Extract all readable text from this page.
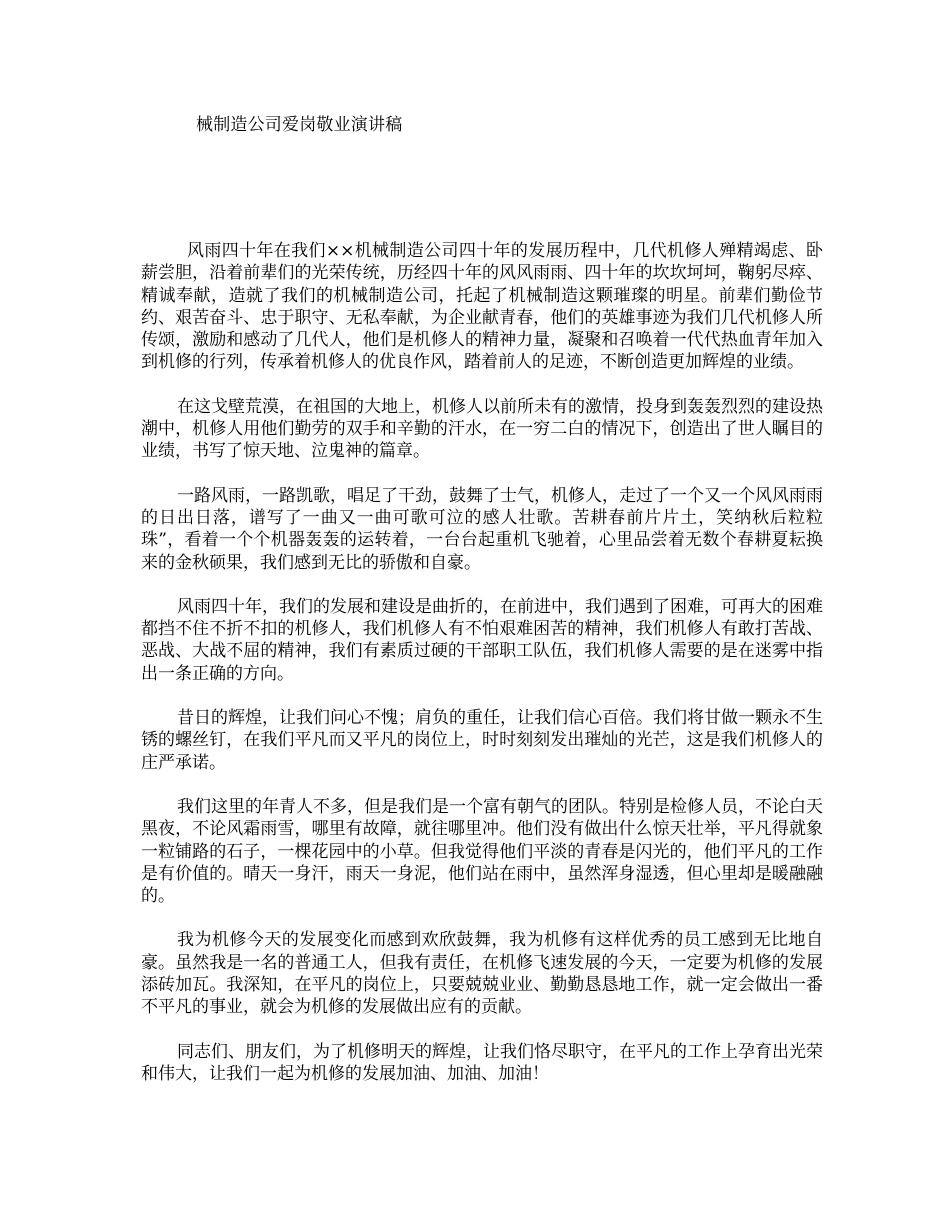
械制造公司爱岗敬业演讲稿

风雨四十年在我们××机械制造公司四十年的发展历程中，几代机修人殚精竭虑、卧薪尝胆，沿着前辈们的光荣传统，历经四十年的风风雨雨、四十年的坎坎坷坷，鞠躬尽瘁、精诚奉献，造就了我们的机械制造公司，托起了机械制造这颗璀璨的明星。前辈们勤俭节约、艰苦奋斗、忠于职守、无私奉献，为企业献青春，他们的英雄事迹为我们几代机修人所传颂，激励和感动了几代人，他们是机修人的精神力量，凝聚和召唤着一代代热血青年加入到机修的行列，传承着机修人的优良作风，踏着前人的足迹，不断创造更加辉煌的业绩。

在这戈壁荒漠，在祖国的大地上，机修人以前所未有的激情，投身到轰轰烈烈的建设热潮中，机修人用他们勤劳的双手和辛勤的汗水，在一穷二白的情况下，创造出了世人瞩目的业绩，书写了惊天地、泣鬼神的篇章。

一路风雨，一路凯歌，唱足了干劲，鼓舞了士气，机修人，走过了一个又一个风风雨雨的日出日落，谱写了一曲又一曲可歌可泣的感人壮歌。苦耕春前片片土，笑纳秋后粒粒珠”，看着一个个机器轰轰的运转着，一台台起重机飞驰着，心里品尝着无数个春耕夏耘换来的金秋硕果，我们感到无比的骄傲和自豪。

风雨四十年，我们的发展和建设是曲折的，在前进中，我们遇到了困难，可再大的困难都挡不住不折不扣的机修人，我们机修人有不怕艰难困苦的精神，我们机修人有敢打苦战、恶战、大战不屈的精神，我们有素质过硬的干部职工队伍，我们机修人需要的是在迷雾中指出一条正确的方向。

昔日的辉煌，让我们问心不愧；肩负的重任，让我们信心百倍。我们将甘做一颗永不生锈的螺丝钉，在我们平凡而又平凡的岗位上，时时刻刻发出璀灿的光芒，这是我们机修人的庄严承诺。

我们这里的年青人不多，但是我们是一个富有朝气的团队。特别是检修人员，不论白天黑夜，不论风霜雨雪，哪里有故障，就往哪里冲。他们没有做出什么惊天壮举，平凡得就象一粒铺路的石子，一棵花园中的小草。但我觉得他们平淡的青春是闪光的，他们平凡的工作是有价值的。晴天一身汗，雨天一身泥，他们站在雨中，虽然浑身湿透，但心里却是暖融融的。

我为机修今天的发展变化而感到欢欣鼓舞，我为机修有这样优秀的员工感到无比地自豪。虽然我是一名的普通工人，但我有责任，在机修飞速发展的今天，一定要为机修的发展添砖加瓦。我深知，在平凡的岗位上，只要兢兢业业、勤勤恳恳地工作，就一定会做出一番不平凡的事业，就会为机修的发展做出应有的贡献。

同志们、朋友们，为了机修明天的辉煌，让我们恪尽职守，在平凡的工作上孕育出光荣和伟大，让我们一起为机修的发展加油、加油、加油！
